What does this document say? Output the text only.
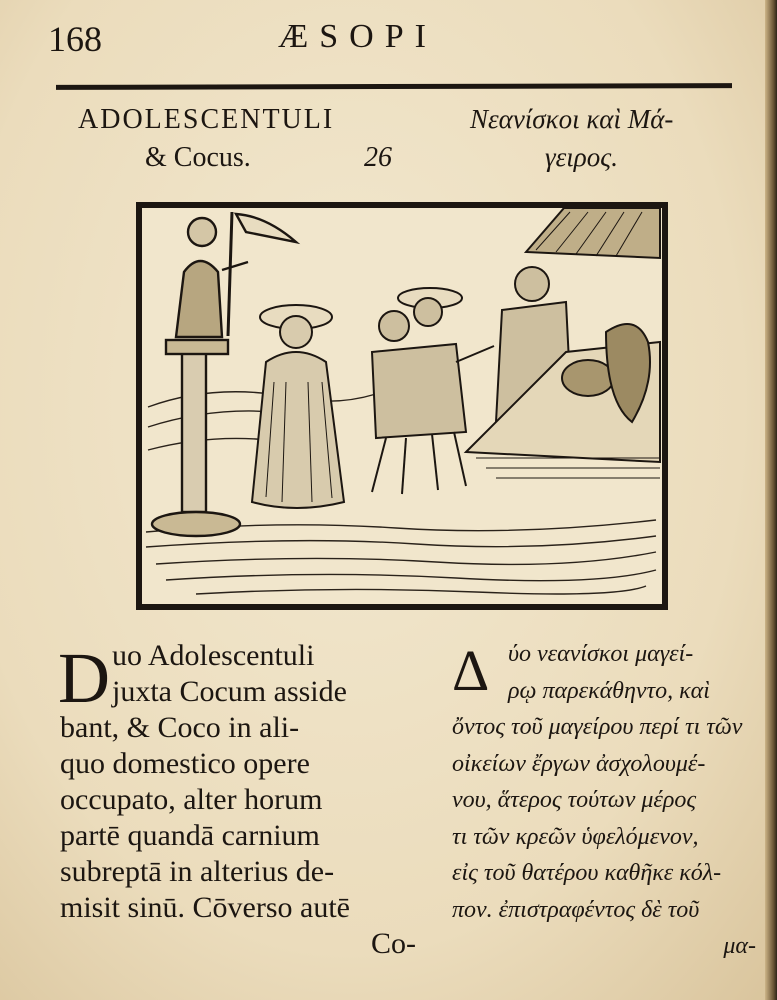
168	ÆSOPI
ADOLESCENTULI
& Cocus.	26
Νεανίσκοι καὶ Μά-
γειρος.
D uo Adolescentuli
juxta Cocum asside
bant, & Coco in ali-
quo domestico opere
occupato, alter horum
partē quandā carnium
subreptā in alterius de-
misit sinū. Cōverso autē
Co-
Δ ύο νεανίσκοι μαγεί-
ρῳ παρεκάθηντο, καὶ
ὄντος τοῦ μαγείρου περί τι τῶν
οἰκείων ἔργων ἀσχολουμέ-
νου, ἅτερος τούτων μέρος
τι τῶν κρεῶν ὑφελόμενον,
εἰς τοῦ θατέρου καθῆκε κόλ-
πον. ἐπιστραφέντος δὲ τοῦ
μα-
